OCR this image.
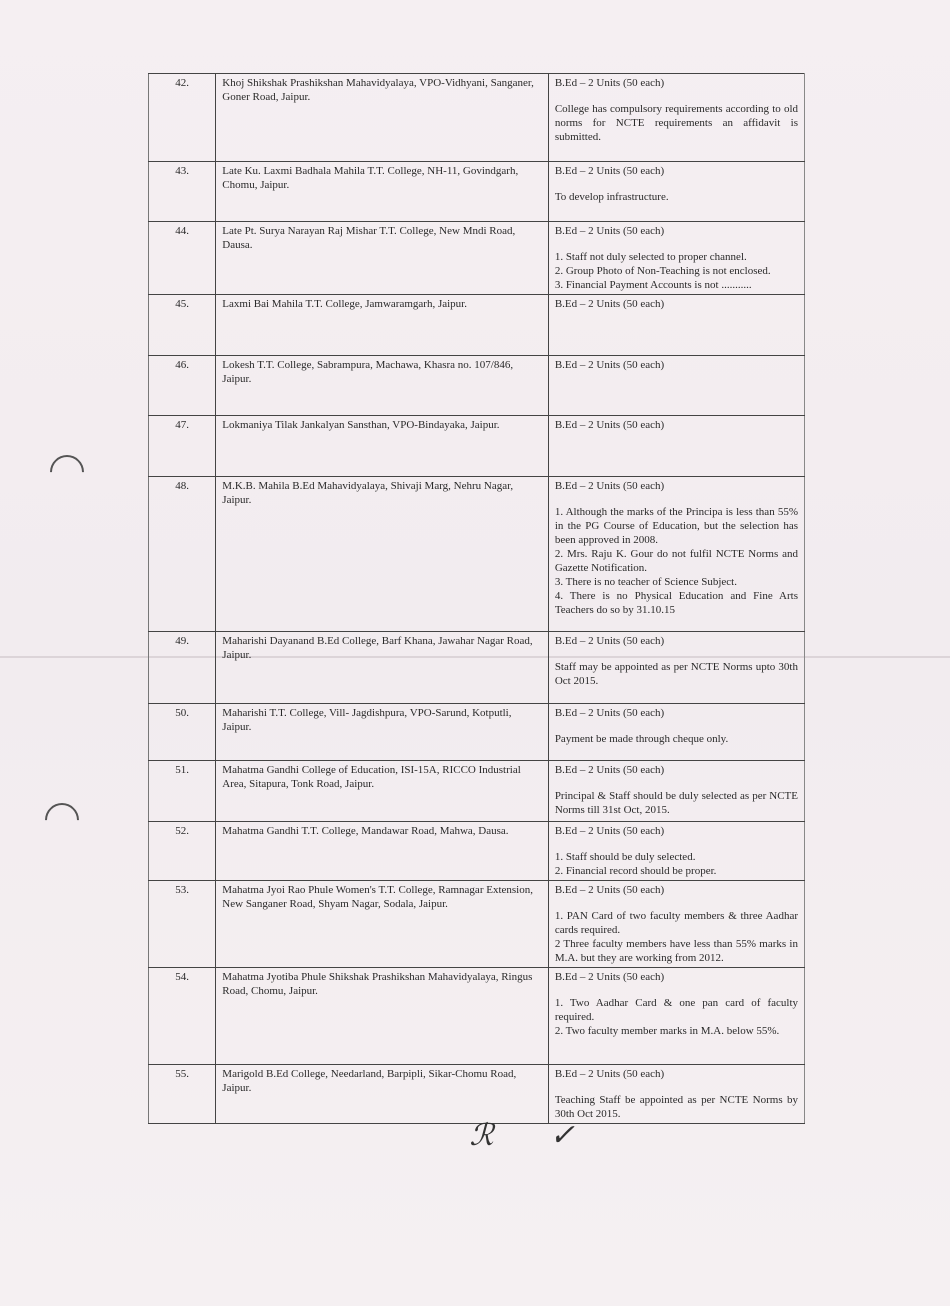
42.	Khoj Shikshak Prashikshan Mahavidyalaya, VPO-Vidhyani, Sanganer, Goner Road, Jaipur.	B.Ed – 2 Units (50 each)
College has compulsory requirements according to old norms for NCTE requirements an affidavit is submitted.

43.	Late Ku. Laxmi Badhala Mahila T.T. College, NH-11, Govindgarh, Chomu, Jaipur.	B.Ed – 2 Units (50 each)
To develop infrastructure.

44.	Late Pt. Surya Narayan Raj Mishar T.T. College, New Mndi Road, Dausa.	B.Ed – 2 Units (50 each)
1. Staff not duly selected to proper channel.
2. Group Photo of Non-Teaching is not enclosed.
3. Financial Payment Accounts is not ...........

45.	Laxmi Bai Mahila T.T. College, Jamwaramgarh, Jaipur.	B.Ed – 2 Units (50 each)

46.	Lokesh T.T. College, Sabrampura, Machawa, Khasra no. 107/846, Jaipur.	B.Ed – 2 Units (50 each)

47.	Lokmaniya Tilak Jankalyan Sansthan, VPO-Bindayaka, Jaipur.	B.Ed – 2 Units (50 each)

48.	M.K.B. Mahila B.Ed Mahavidyalaya, Shivaji Marg, Nehru Nagar, Jaipur.	B.Ed – 2 Units (50 each)
1. Although the marks of the Principa is less than 55% in the PG Course of Education, but the selection has been approved in 2008.
2. Mrs. Raju K. Gour do not fulfil NCTE Norms and Gazette Notification.
3. There is no teacher of Science Subject.
4. There is no Physical Education and Fine Arts Teachers do so by 31.10.15

49.	Maharishi Dayanand B.Ed College, Barf Khana, Jawahar Nagar Road, Jaipur.	B.Ed – 2 Units (50 each)
Staff may be appointed as per NCTE Norms upto 30th Oct 2015.

50.	Maharishi T.T. College, Vill- Jagdishpura, VPO-Sarund, Kotputli, Jaipur.	B.Ed – 2 Units (50 each)
Payment be made through cheque only.

51.	Mahatma Gandhi College of Education, ISI-15A, RICCO Industrial Area, Sitapura, Tonk Road, Jaipur.	B.Ed – 2 Units (50 each)
Principal & Staff should be duly selected as per NCTE Norms till 31st Oct, 2015.

52.	Mahatma Gandhi T.T. College, Mandawar Road, Mahwa, Dausa.	B.Ed – 2 Units (50 each)
1. Staff should be duly selected.
2. Financial record should be proper.

53.	Mahatma Jyoi Rao Phule Women's T.T. College, Ramnagar Extension, New Sanganer Road, Shyam Nagar, Sodala, Jaipur.	B.Ed – 2 Units (50 each)
1. PAN Card of two faculty members & three Aadhar cards required.
2 Three faculty members have less than 55% marks in M.A. but they are working from 2012.

54.	Mahatma Jyotiba Phule Shikshak Prashikshan Mahavidyalaya, Ringus Road, Chomu, Jaipur.	B.Ed – 2 Units (50 each)
1. Two Aadhar Card & one pan card of faculty required.
2. Two faculty member marks in M.A. below 55%.

55.	Marigold B.Ed College, Needarland, Barpipli, Sikar-Chomu Road, Jaipur.	B.Ed – 2 Units (50 each)
Teaching Staff be appointed as per NCTE Norms by 30th Oct 2015.
ℛ ✓
